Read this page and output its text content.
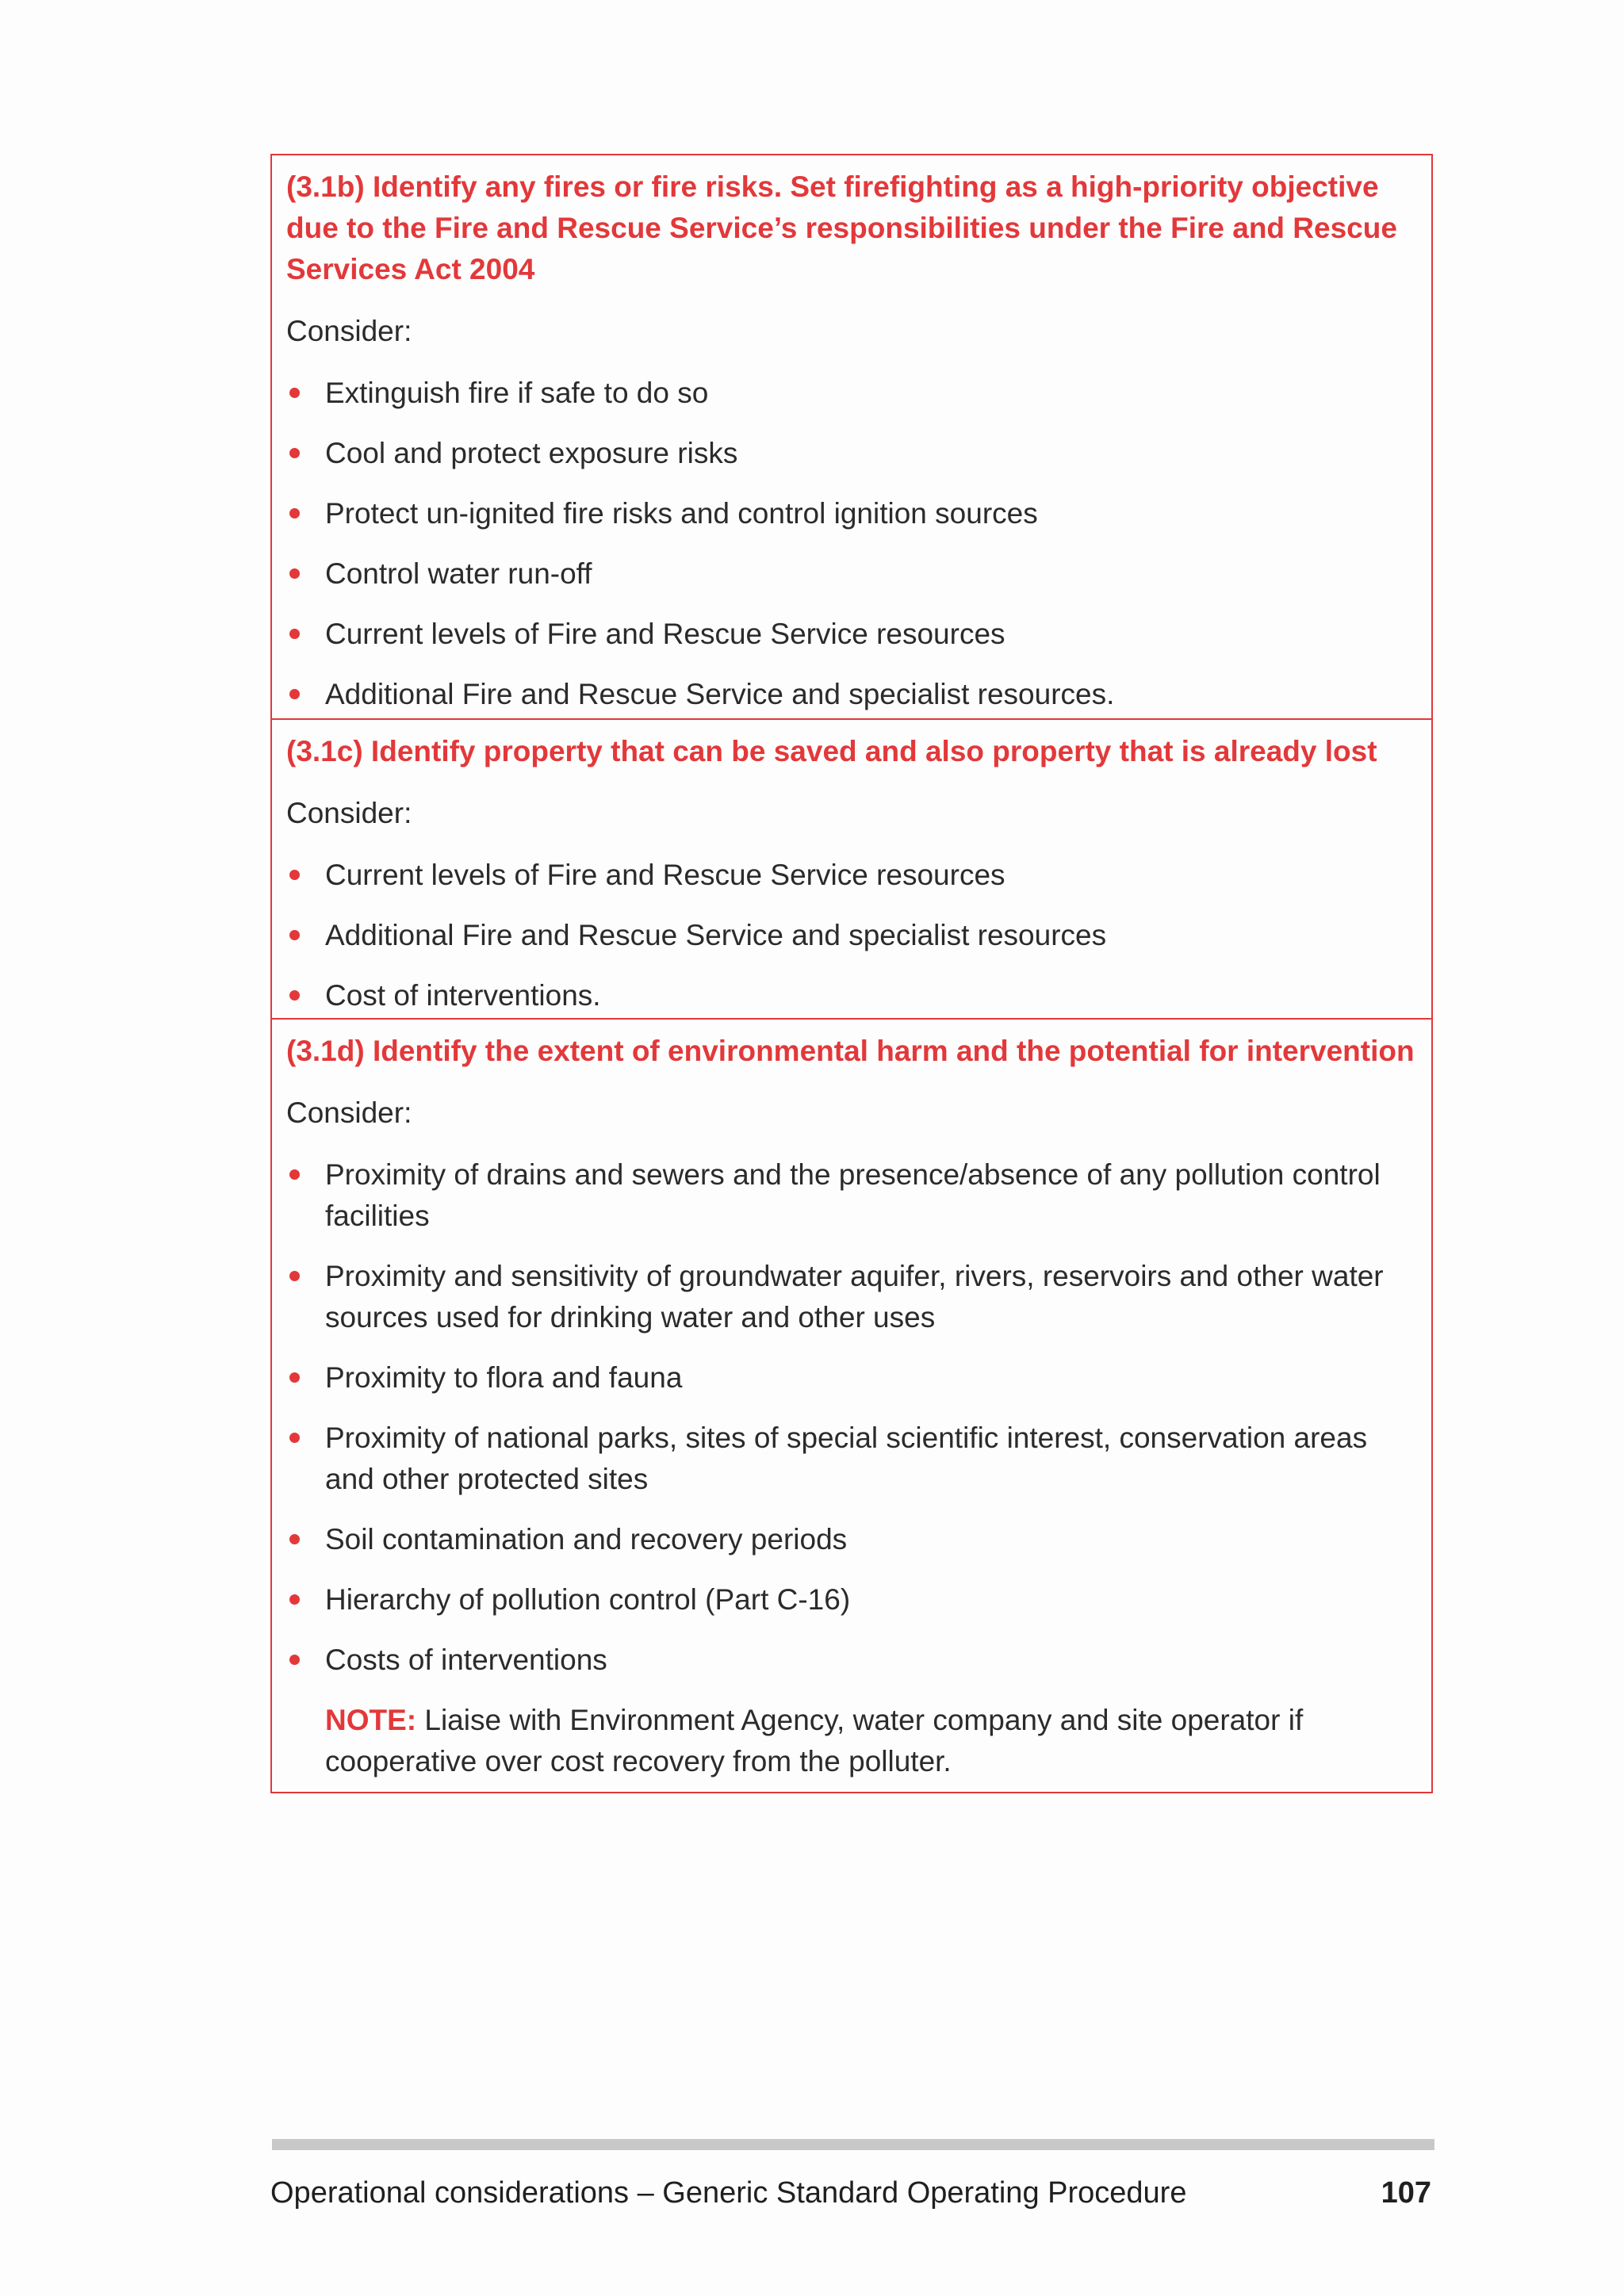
(3.1b) Identify any fires or fire risks. Set firefighting as a high-priority objective due to the Fire and Rescue Service’s responsibilities under the Fire and Rescue Services Act 2004

Consider:

Extinguish fire if safe to do so
Cool and protect exposure risks
Protect un-ignited fire risks and control ignition sources
Control water run-off
Current levels of Fire and Rescue Service resources
Additional Fire and Rescue Service and specialist resources.

(3.1c) Identify property that can be saved and also property that is already lost

Consider:

Current levels of Fire and Rescue Service resources
Additional Fire and Rescue Service and specialist resources
Cost of interventions.

(3.1d) Identify the extent of environmental harm and the potential for intervention

Consider:

Proximity of drains and sewers and the presence/absence of any pollution control facilities
Proximity and sensitivity of groundwater aquifer, rivers, reservoirs and other water sources used for drinking water and other uses
Proximity to flora and fauna
Proximity of national parks, sites of special scientific interest, conservation areas and other protected sites
Soil contamination and recovery periods
Hierarchy of pollution control (Part C-16)
Costs of interventions

NOTE: Liaise with Environment Agency, water company and site operator if cooperative over cost recovery from the polluter.

Operational considerations – Generic Standard Operating Procedure	107
